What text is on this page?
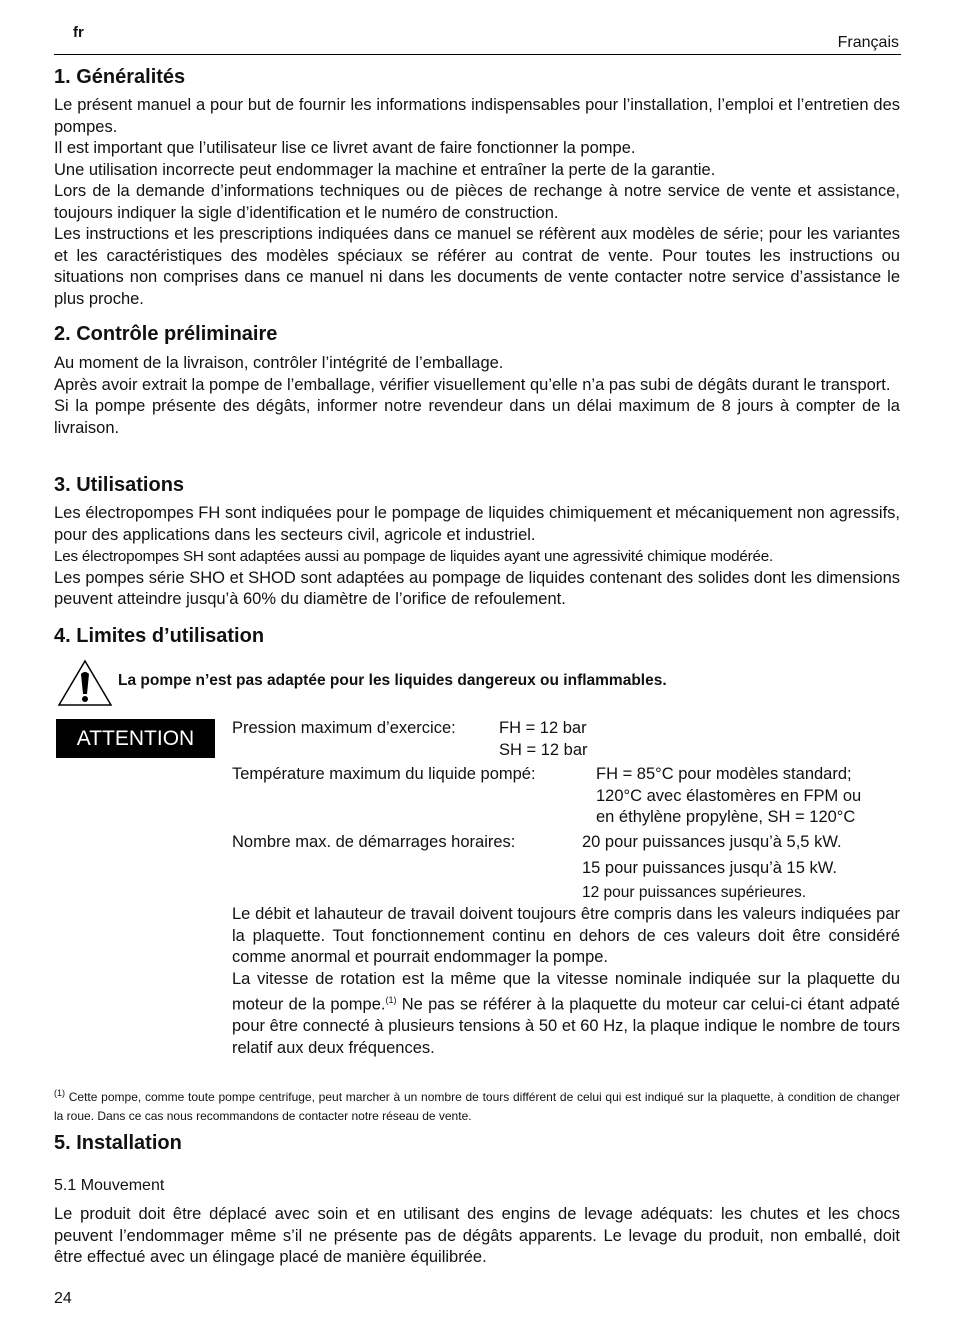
fr
Français
1. Généralités

Le présent manuel a pour but de fournir les informations indispensables pour l’installation, l’emploi et l’entretien des pompes.

Il est important que l’utilisateur lise ce livret avant de faire fonctionner la pompe.

Une utilisation incorrecte peut endommager la machine et entraîner la perte de la garantie.

Lors de la demande d’informations techniques ou de pièces de rechange à notre service de vente et assistance, toujours indiquer la sigle d’identification et le numéro de construction.

Les instructions et les prescriptions indiquées dans ce manuel se réfèrent aux modèles de série; pour les variantes et les caractéristiques des modèles spéciaux se référer au contrat de vente. Pour toutes les instructions ou situations non comprises dans ce manuel ni dans les documents de vente contacter notre service d’assistance le plus proche.

2. Contrôle préliminaire

Au moment de la livraison, contrôler l’intégrité de l’emballage.

Après avoir extrait la pompe de l’emballage, vérifier visuellement qu’elle n’a pas subi de dégâts durant le transport.

Si la pompe présente des dégâts, informer notre revendeur dans un délai maximum de 8 jours à compter de la livraison.

3. Utilisations

Les électropompes FH sont indiquées pour le pompage de liquides chimiquement et mécaniquement non agressifs, pour des applications dans les secteurs civil, agricole et industriel.

Les électropompes SH sont adaptées aussi au pompage de liquides ayant une agressivité chimique modérée.

Les pompes série SHO et SHOD sont adaptées au pompage de liquides contenant des solides dont les dimensions peuvent atteindre jusqu’à 60% du diamètre de l’orifice de refoulement.

4. Limites d’utilisation
La pompe n’est pas adaptée pour les liquides dangereux ou inflammables.
ATTENTION	Pression maximum d’exercice:	FH = 12 bar
SH = 12 bar
Température maximum du liquide pompé:	FH = 85°C pour modèles standard;
120°C avec élastomères en FPM ou
en éthylène propylène, SH = 120°C
Nombre max. de démarrages horaires:	20 pour puissances jusqu’à 5,5 kW.
15 pour puissances jusqu’à 15 kW.
12 pour puissances supérieures.

Le débit et lahauteur de travail doivent toujours être compris dans les valeurs indiquées par la plaquette. Tout fonctionnement continu en dehors de ces valeurs doit être considéré comme anormal et pourrait endommager la pompe.

La vitesse de rotation est la même que la vitesse nominale indiquée sur la plaquette du moteur de la pompe.$^{(1)}$ Ne pas se référer à la plaquette du moteur car celui-ci étant adpaté pour être connecté à plusieurs tensions à 50 et 60 Hz, la plaque indique le nombre de tours relatif aux deux fréquences.

$^{(1)}$ Cette pompe, comme toute pompe centrifuge, peut marcher à un nombre de tours différent de celui qui est indiqué sur la plaquette, à condition de changer la roue. Dans ce cas nous recommandons de contacter notre réseau de vente.
5. Installation
5.1 Mouvement

Le produit doit être déplacé avec soin et en utilisant des engins de levage adéquats: les chutes et les chocs peuvent l’endommager même s’il ne présente pas de dégâts apparents. Le levage du produit, non emballé, doit être effectué avec un élingage placé de manière équilibrée.

24
